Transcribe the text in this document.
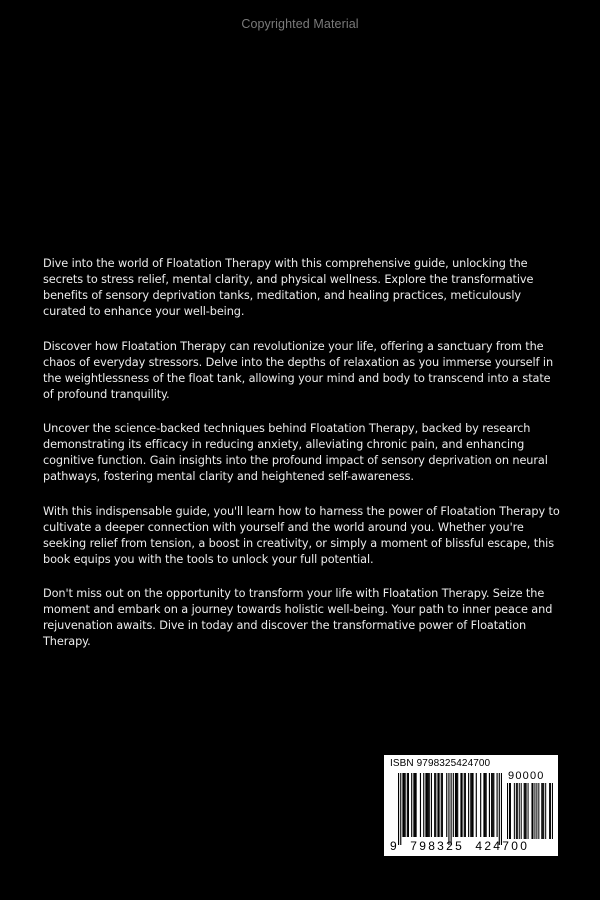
Copyrighted Material

Dive into the world of Floatation Therapy with this comprehensive guide, unlocking the secrets to stress relief, mental clarity, and physical wellness. Explore the transformative benefits of sensory deprivation tanks, meditation, and healing practices, meticulously curated to enhance your well-being.

Discover how Floatation Therapy can revolutionize your life, offering a sanctuary from the chaos of everyday stressors. Delve into the depths of relaxation as you immerse yourself in the weightlessness of the float tank, allowing your mind and body to transcend into a state of profound tranquility.

Uncover the science-backed techniques behind Floatation Therapy, backed by research demonstrating its efficacy in reducing anxiety, alleviating chronic pain, and enhancing cognitive function. Gain insights into the profound impact of sensory deprivation on neural pathways, fostering mental clarity and heightened self-awareness.

With this indispensable guide, you'll learn how to harness the power of Floatation Therapy to cultivate a deeper connection with yourself and the world around you. Whether you're seeking relief from tension, a boost in creativity, or simply a moment of blissful escape, this book equips you with the tools to unlock your full potential.

Don't miss out on the opportunity to transform your life with Floatation Therapy. Seize the moment and embark on a journey towards holistic well-being. Your path to inner peace and rejuvenation awaits. Dive in today and discover the transformative power of Floatation Therapy.

ISBN 9798325424700
90000
9  798325  424700
